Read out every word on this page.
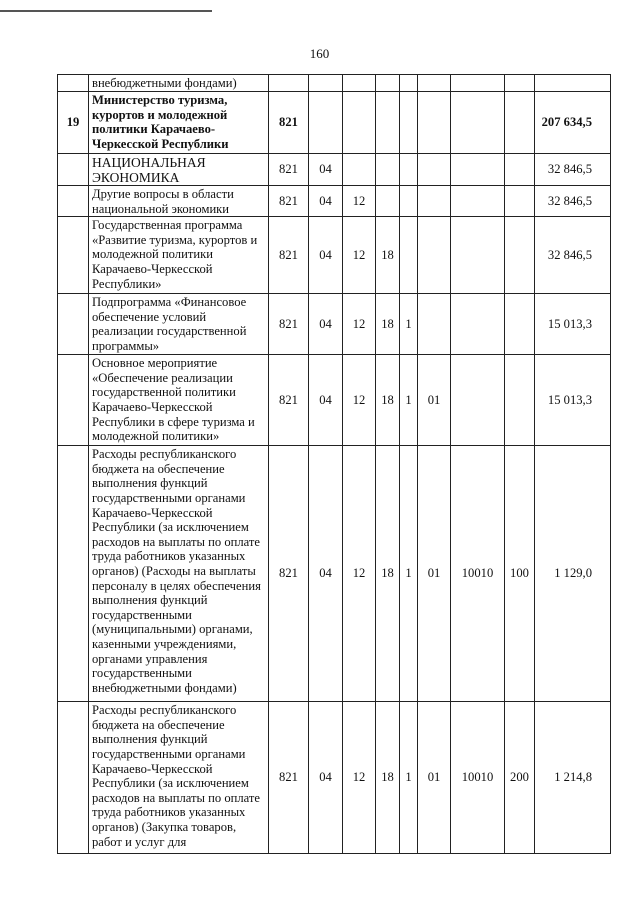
160
	внебюджетными фондами)									
19	Министерство туризма, курортов и молодежной политики Карачаево-Черкесской Республики	821								207 634,5
	НАЦИОНАЛЬНАЯ ЭКОНОМИКА	821	04							32 846,5
	Другие вопросы в области национальной экономики	821	04	12						32 846,5
	Государственная программа «Развитие туризма, курортов и молодежной политики Карачаево-Черкесской Республики»	821	04	12	18					32 846,5
	Подпрограмма «Финансовое обеспечение условий реализации государственной программы»	821	04	12	18	1				15 013,3
	Основное мероприятие «Обеспечение реализации государственной политики Карачаево-Черкесской Республики в сфере туризма и молодежной политики»	821	04	12	18	1	01			15 013,3
	Расходы республиканского бюджета на обеспечение выполнения функций государственными органами Карачаево-Черкесской Республики (за исключением расходов на выплаты по оплате труда работников указанных органов) (Расходы на выплаты персоналу в целях обеспечения выполнения функций государственными (муниципальными) органами, казенными учреждениями, органами управления государственными внебюджетными фондами)	821	04	12	18	1	01	10010	100	1 129,0
	Расходы республиканского бюджета на обеспечение выполнения функций государственными органами Карачаево-Черкесской Республики (за исключением расходов на выплаты по оплате труда работников указанных органов) (Закупка товаров, работ и услуг для	821	04	12	18	1	01	10010	200	1 214,8
